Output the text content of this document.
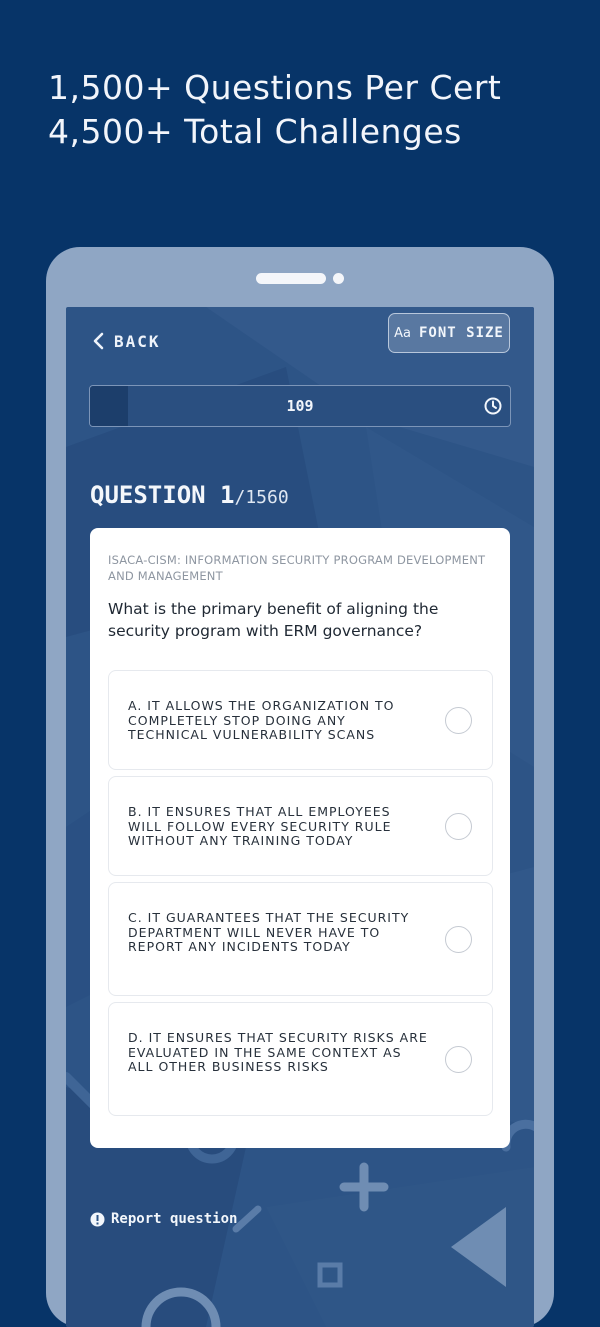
1,500+ Questions Per Cert
4,500+ Total Challenges
BACK	Aa FONT SIZE
109
QUESTION 1/1560
ISACA-CISM: INFORMATION SECURITY PROGRAM DEVELOPMENT AND MANAGEMENT
What is the primary benefit of aligning the security program with ERM governance?
A. IT ALLOWS THE ORGANIZATION TO COMPLETELY STOP DOING ANY TECHNICAL VULNERABILITY SCANS
B. IT ENSURES THAT ALL EMPLOYEES WILL FOLLOW EVERY SECURITY RULE WITHOUT ANY TRAINING TODAY
C. IT GUARANTEES THAT THE SECURITY DEPARTMENT WILL NEVER HAVE TO REPORT ANY INCIDENTS TODAY
D. IT ENSURES THAT SECURITY RISKS ARE EVALUATED IN THE SAME CONTEXT AS ALL OTHER BUSINESS RISKS
Report question
